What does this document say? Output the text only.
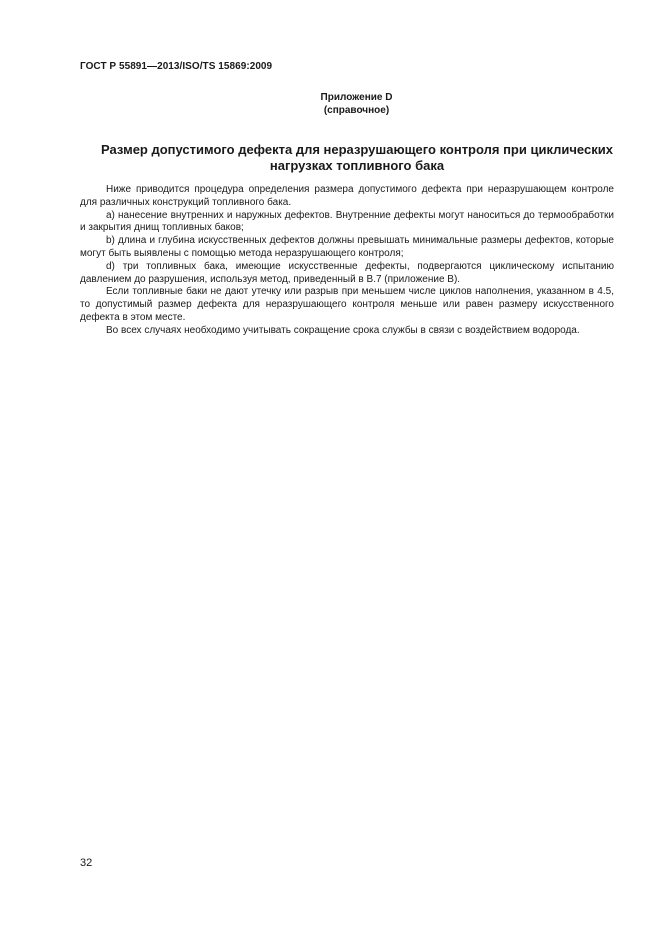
ГОСТ Р 55891—2013/ISO/TS 15869:2009
Приложение D
(справочное)
Размер допустимого дефекта для неразрушающего контроля при циклических
нагрузках топливного бака

Ниже приводится процедура определения размера допустимого дефекта при неразрушающем контроле для различных конструкций топливного бака.

а) нанесение внутренних и наружных дефектов. Внутренние дефекты могут наноситься до термообработки и закрытия днищ топливных баков;

b) длина и глубина искусственных дефектов должны превышать минимальные размеры дефектов, которые могут быть выявлены с помощью метода неразрушающего контроля;

d) три топливных бака, имеющие искусственные дефекты, подвергаются циклическому испытанию давлением до разрушения, используя метод, приведенный в В.7 (приложение В).

Если топливные баки не дают утечку или разрыв при меньшем числе циклов наполнения, указанном в 4.5, то допустимый размер дефекта для неразрушающего контроля меньше или равен размеру искусственного дефекта в этом месте.

Во всех случаях необходимо учитывать сокращение срока службы в связи с воздействием водорода.

32
